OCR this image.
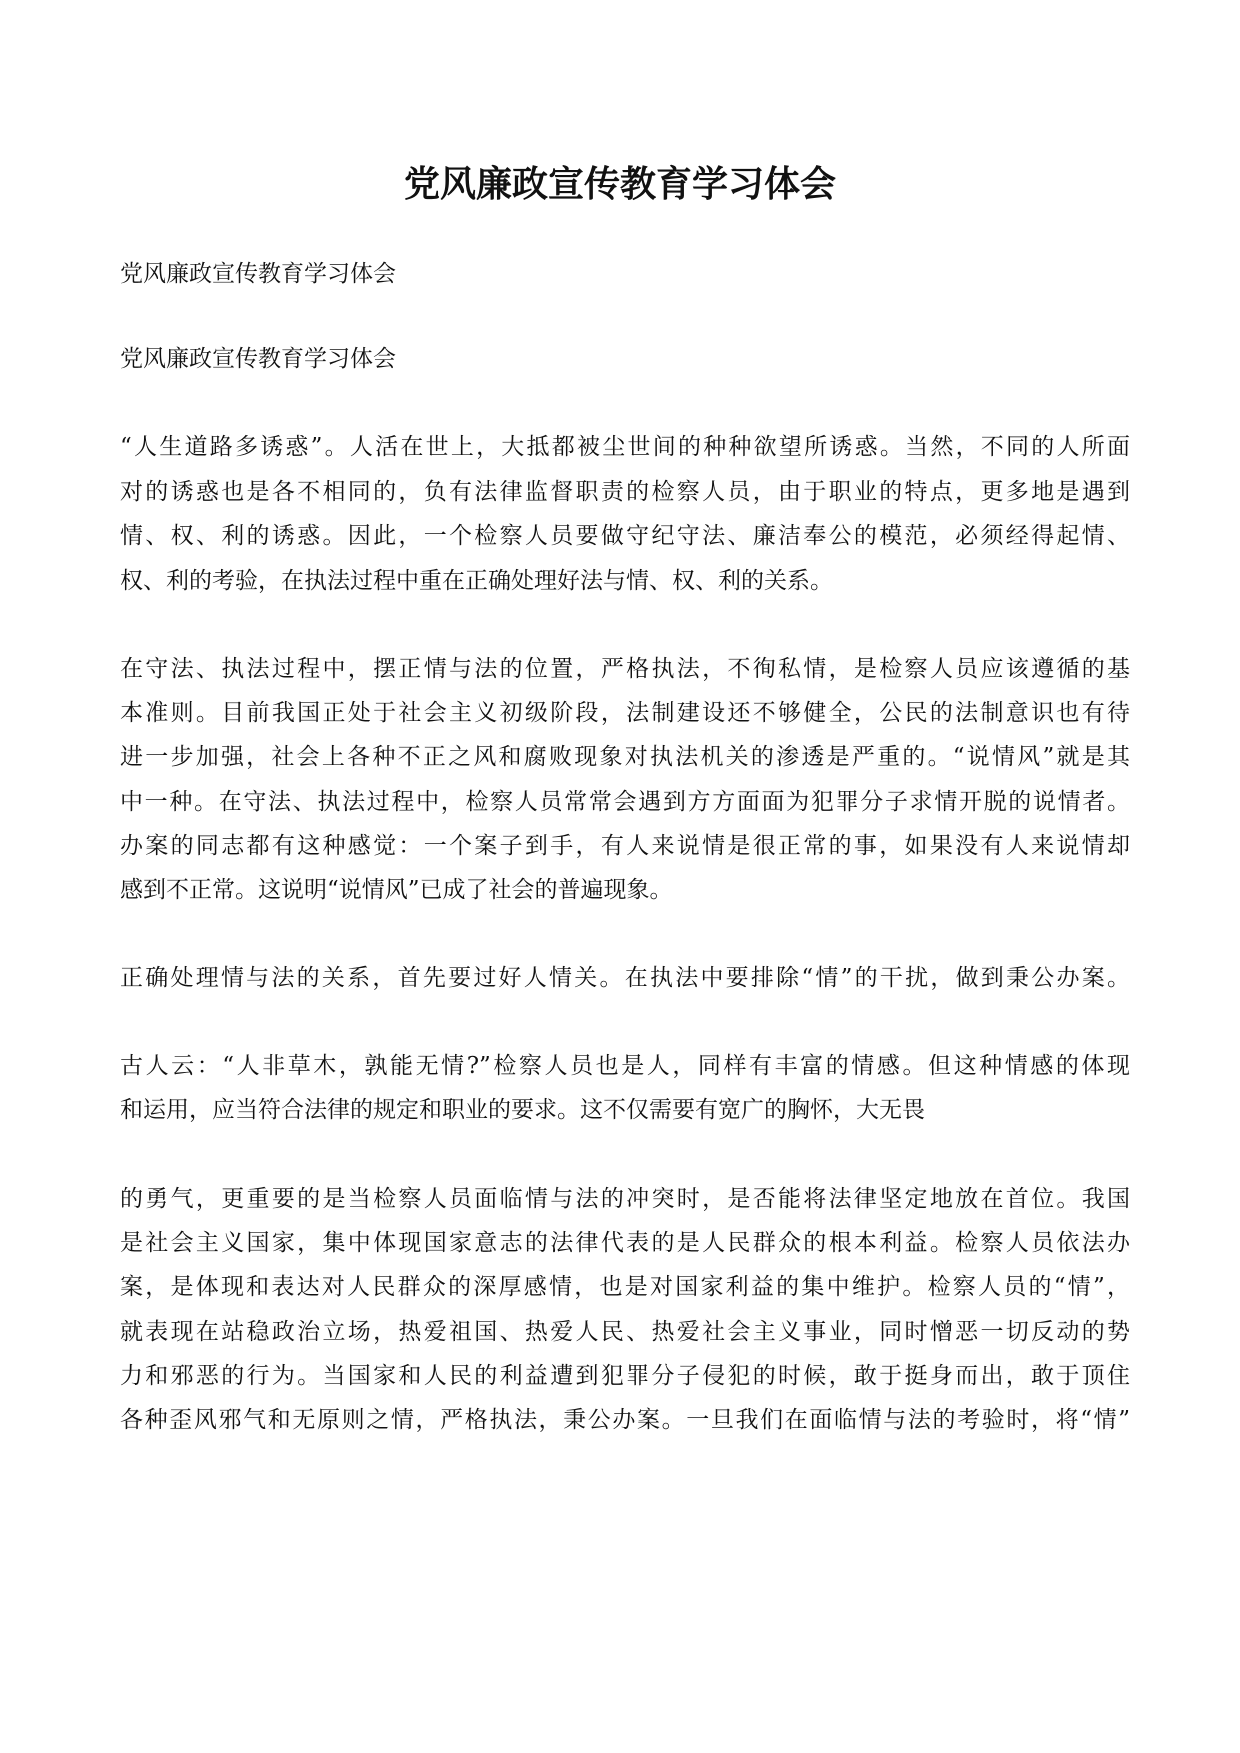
党风廉政宣传教育学习体会

党风廉政宣传教育学习体会

党风廉政宣传教育学习体会

“人生道路多诱惑”。人活在世上，大抵都被尘世间的种种欲望所诱惑。当然，不同的人所面

对的诱惑也是各不相同的，负有法律监督职责的检察人员，由于职业的特点，更多地是遇到

情、权、利的诱惑。因此，一个检察人员要做守纪守法、廉洁奉公的模范，必须经得起情、

权、利的考验，在执法过程中重在正确处理好法与情、权、利的关系。

在守法、执法过程中，摆正情与法的位置，严格执法，不徇私情，是检察人员应该遵循的基

本准则。目前我国正处于社会主义初级阶段，法制建设还不够健全，公民的法制意识也有待

进一步加强，社会上各种不正之风和腐败现象对执法机关的渗透是严重的。“说情风”就是其

中一种。在守法、执法过程中，检察人员常常会遇到方方面面为犯罪分子求情开脱的说情者。

办案的同志都有这种感觉：一个案子到手，有人来说情是很正常的事，如果没有人来说情却

感到不正常。这说明“说情风”已成了社会的普遍现象。

正确处理情与法的关系，首先要过好人情关。在执法中要排除“情”的干扰，做到秉公办案。

古人云：“人非草木，孰能无情?”检察人员也是人，同样有丰富的情感。但这种情感的体现

和运用，应当符合法律的规定和职业的要求。这不仅需要有宽广的胸怀，大无畏

的勇气，更重要的是当检察人员面临情与法的冲突时，是否能将法律坚定地放在首位。我国

是社会主义国家，集中体现国家意志的法律代表的是人民群众的根本利益。检察人员依法办

案，是体现和表达对人民群众的深厚感情，也是对国家利益的集中维护。检察人员的“情”，

就表现在站稳政治立场，热爱祖国、热爱人民、热爱社会主义事业，同时憎恶一切反动的势

力和邪恶的行为。当国家和人民的利益遭到犯罪分子侵犯的时候，敢于挺身而出，敢于顶住

各种歪风邪气和无原则之情，严格执法，秉公办案。一旦我们在面临情与法的考验时，将“情”
